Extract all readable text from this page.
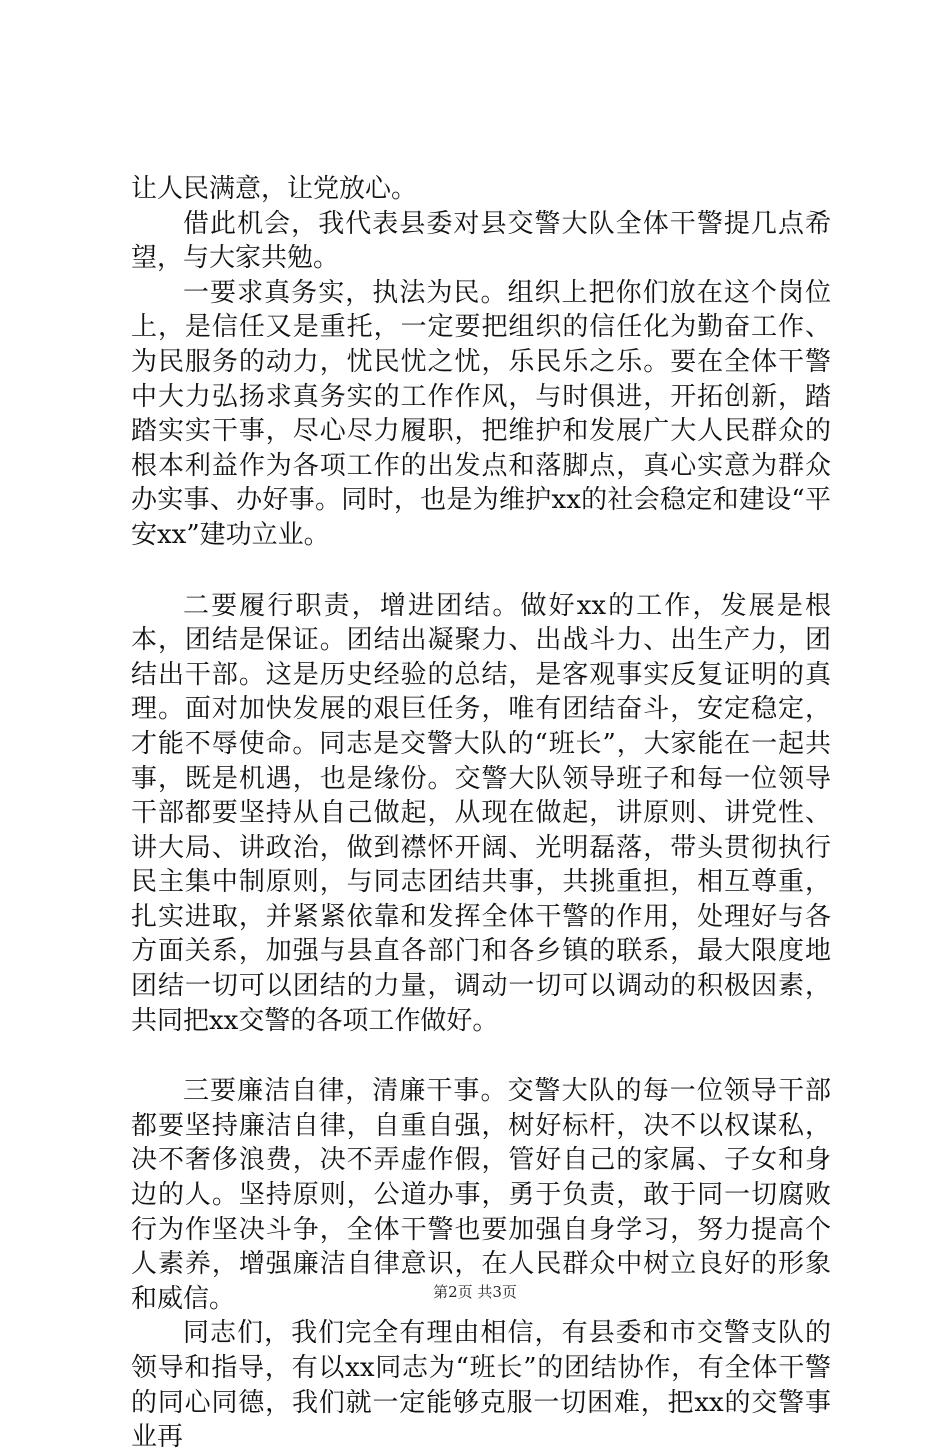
让人民满意，让党放心。

借此机会，我代表县委对县交警大队全体干警提几点希望，与大家共勉。

一要求真务实，执法为民。组织上把你们放在这个岗位上，是信任又是重托，一定要把组织的信任化为勤奋工作、为民服务的动力，忧民忧之忧，乐民乐之乐。要在全体干警中大力弘扬求真务实的工作作风，与时俱进，开拓创新，踏踏实实干事，尽心尽力履职，把维护和发展广大人民群众的根本利益作为各项工作的出发点和落脚点，真心实意为群众办实事、办好事。同时，也是为维护xx的社会稳定和建设“平安xx”建功立业。

二要履行职责，增进团结。做好xx的工作，发展是根本，团结是保证。团结出凝聚力、出战斗力、出生产力，团结出干部。这是历史经验的总结，是客观事实反复证明的真理。面对加快发展的艰巨任务，唯有团结奋斗，安定稳定，才能不辱使命。同志是交警大队的“班长”，大家能在一起共事，既是机遇，也是缘份。交警大队领导班子和每一位领导干部都要坚持从自己做起，从现在做起，讲原则、讲党性、讲大局、讲政治，做到襟怀开阔、光明磊落，带头贯彻执行民主集中制原则，与同志团结共事，共挑重担，相互尊重，扎实进取，并紧紧依靠和发挥全体干警的作用，处理好与各方面关系，加强与县直各部门和各乡镇的联系，最大限度地团结一切可以团结的力量，调动一切可以调动的积极因素，共同把xx交警的各项工作做好。

三要廉洁自律，清廉干事。交警大队的每一位领导干部都要坚持廉洁自律，自重自强，树好标杆，决不以权谋私，决不奢侈浪费，决不弄虚作假，管好自己的家属、子女和身边的人。坚持原则，公道办事，勇于负责，敢于同一切腐败行为作坚决斗争，全体干警也要加强自身学习，努力提高个人素养，增强廉洁自律意识，在人民群众中树立良好的形象和威信。

同志们，我们完全有理由相信，有县委和市交警支队的领导和指导，有以xx同志为“班长”的团结协作，有全体干警的同心同德，我们就一定能够克服一切困难，把xx的交警事业再

第2页 共3页
